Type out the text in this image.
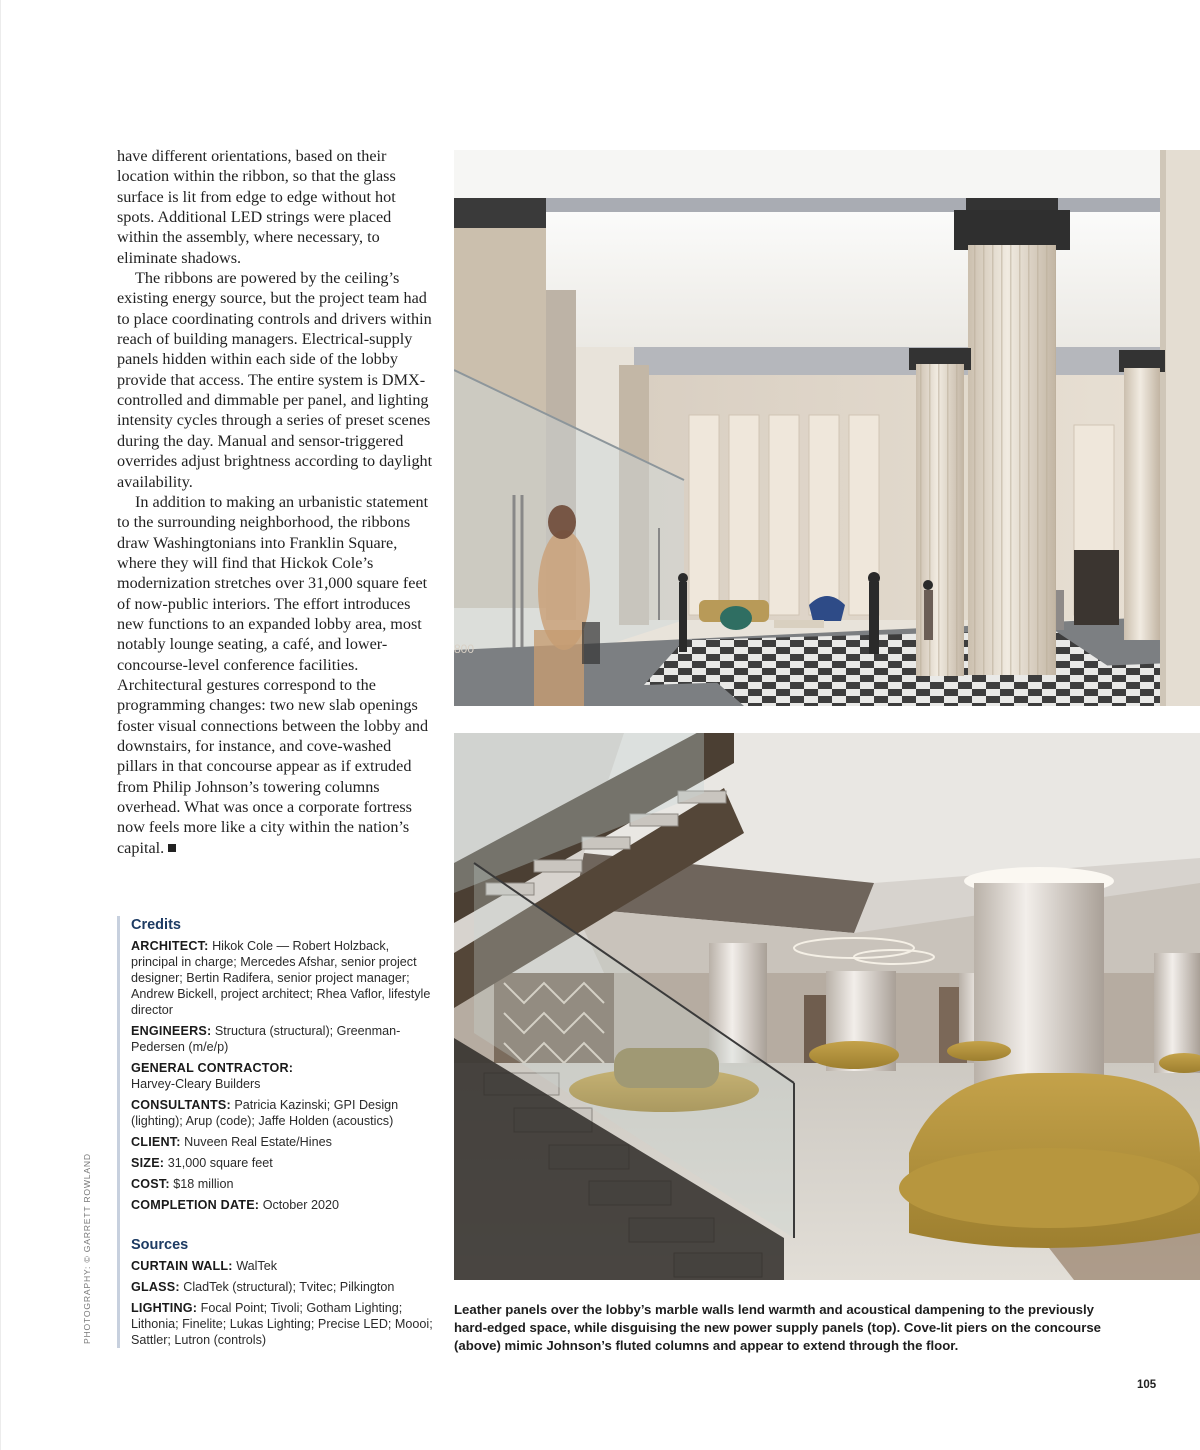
have different orientations, based on their location within the ribbon, so that the glass surface is lit from edge to edge without hot spots. Additional LED strings were placed within the assembly, where necessary, to eliminate shadows.

The ribbons are powered by the ceiling’s existing energy source, but the project team had to place coordinating controls and drivers within reach of building managers. Electrical-supply panels hidden within each side of the lobby provide that access. The entire system is DMX-controlled and dimmable per panel, and lighting intensity cycles through a series of preset scenes during the day. Manual and sensor-triggered overrides adjust brightness according to daylight availability.

In addition to making an urbanistic statement to the surrounding neighborhood, the ribbons draw Washingtonians into Franklin Square, where they will find that Hickok Cole’s modernization stretches over 31,000 square feet of now-public interiors. The effort introduces new functions to an expanded lobby area, most notably lounge seating, a café, and lower-concourse-level conference facilities. Architectural gestures correspond to the programming changes: two new slab openings foster visual connections between the lobby and downstairs, for instance, and cove-washed pillars in that concourse appear as if extruded from Philip Johnson’s towering columns overhead. What was once a corporate fortress now feels more like a city within the nation’s capital.

Credits
ARCHITECT: Hikok Cole — Robert Holzback, principal in charge; Mercedes Afshar, senior project designer; Bertin Radifera, senior project manager; Andrew Bickell, project architect; Rhea Vaflor, lifestyle director
ENGINEERS: Structura (structural); Greenman-Pedersen (m/e/p)
GENERAL CONTRACTOR:
Harvey-Cleary Builders
CONSULTANTS: Patricia Kazinski; GPI Design (lighting); Arup (code); Jaffe Holden (acoustics)
CLIENT: Nuveen Real Estate/Hines
SIZE: 31,000 square feet
COST: $18 million
COMPLETION DATE: October 2020
Sources
CURTAIN WALL: WalTek
GLASS: CladTek (structural); Tvitec; Pilkington
LIGHTING: Focal Point; Tivoli; Gotham Lighting; Lithonia; Finelite; Lukas Lighting; Precise LED; Moooi; Sattler; Lutron (controls)
PHOTOGRAPHY: © GARRETT ROWLAND
800
Leather panels over the lobby’s marble walls lend warmth and acoustical dampening to the previously hard-edged space, while disguising the new power supply panels (top). Cove-lit piers on the concourse (above) mimic Johnson’s fluted columns and appear to extend through the floor.
105
